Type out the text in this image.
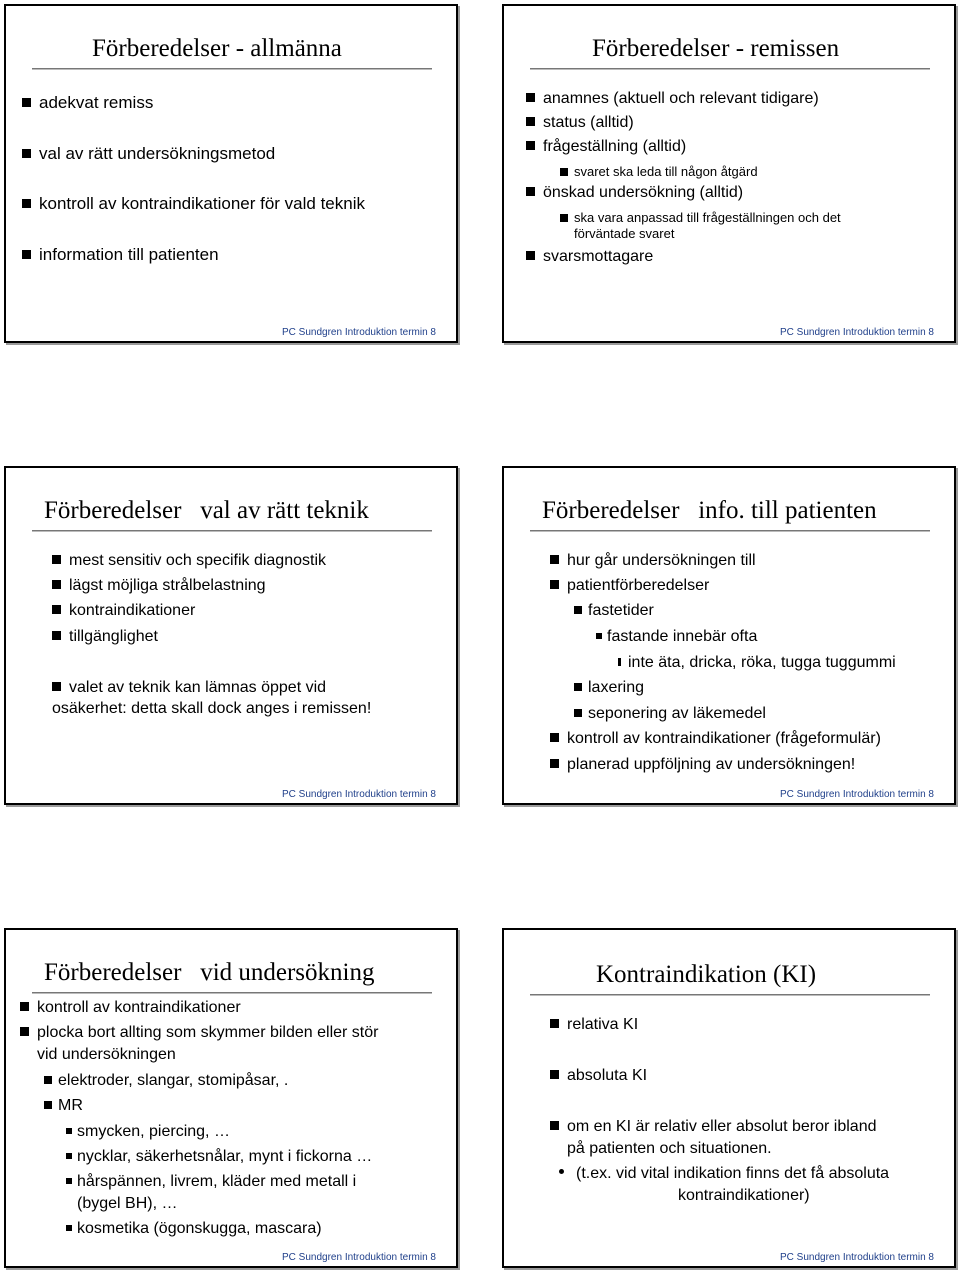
Förberedelser - allmänna
adekvat remiss
val av rätt undersökningsmetod
kontroll av kontraindikationer för vald teknik
information till patienten
PC Sundgren Introduktion termin 8
Förberedelser - remissen
anamnes (aktuell och relevant tidigare)
status (alltid)
frågeställning (alltid)
svaret ska leda till någon åtgärd
önskad undersökning (alltid)
ska vara anpassad till frågeställningen och det
förväntade svaret
svarsmottagare
PC Sundgren Introduktion termin 8
Förberedelser   val av rätt teknik
mest sensitiv och specifik diagnostik
lägst möjliga strålbelastning
kontraindikationer
tillgänglighet
valet av teknik kan lämnas öppet vid
osäkerhet: detta skall dock anges i remissen!
PC Sundgren Introduktion termin 8
Förberedelser   info. till patienten
hur går undersökningen till
patientförberedelser
fastetider
fastande innebär ofta
inte äta, dricka, röka, tugga tuggummi
laxering
seponering av läkemedel
kontroll av kontraindikationer (frågeformulär)
planerad uppföljning av undersökningen!
PC Sundgren Introduktion termin 8
Förberedelser   vid undersökning
kontroll av kontraindikationer
plocka bort allting som skymmer bilden eller stör
vid undersökningen
elektroder, slangar, stomipåsar, .
MR
smycken, piercing, …
nycklar, säkerhetsnålar, mynt i fickorna …
hårspännen, livrem, kläder med metall i
(bygel BH), …
kosmetika (ögonskugga, mascara)
PC Sundgren Introduktion termin 8
Kontraindikation (KI)
relativa KI
absoluta KI
om en KI är relativ eller absolut beror ibland
på patienten och situationen.
(t.ex. vid vital indikation finns det få absoluta
kontraindikationer)
PC Sundgren Introduktion termin 8
